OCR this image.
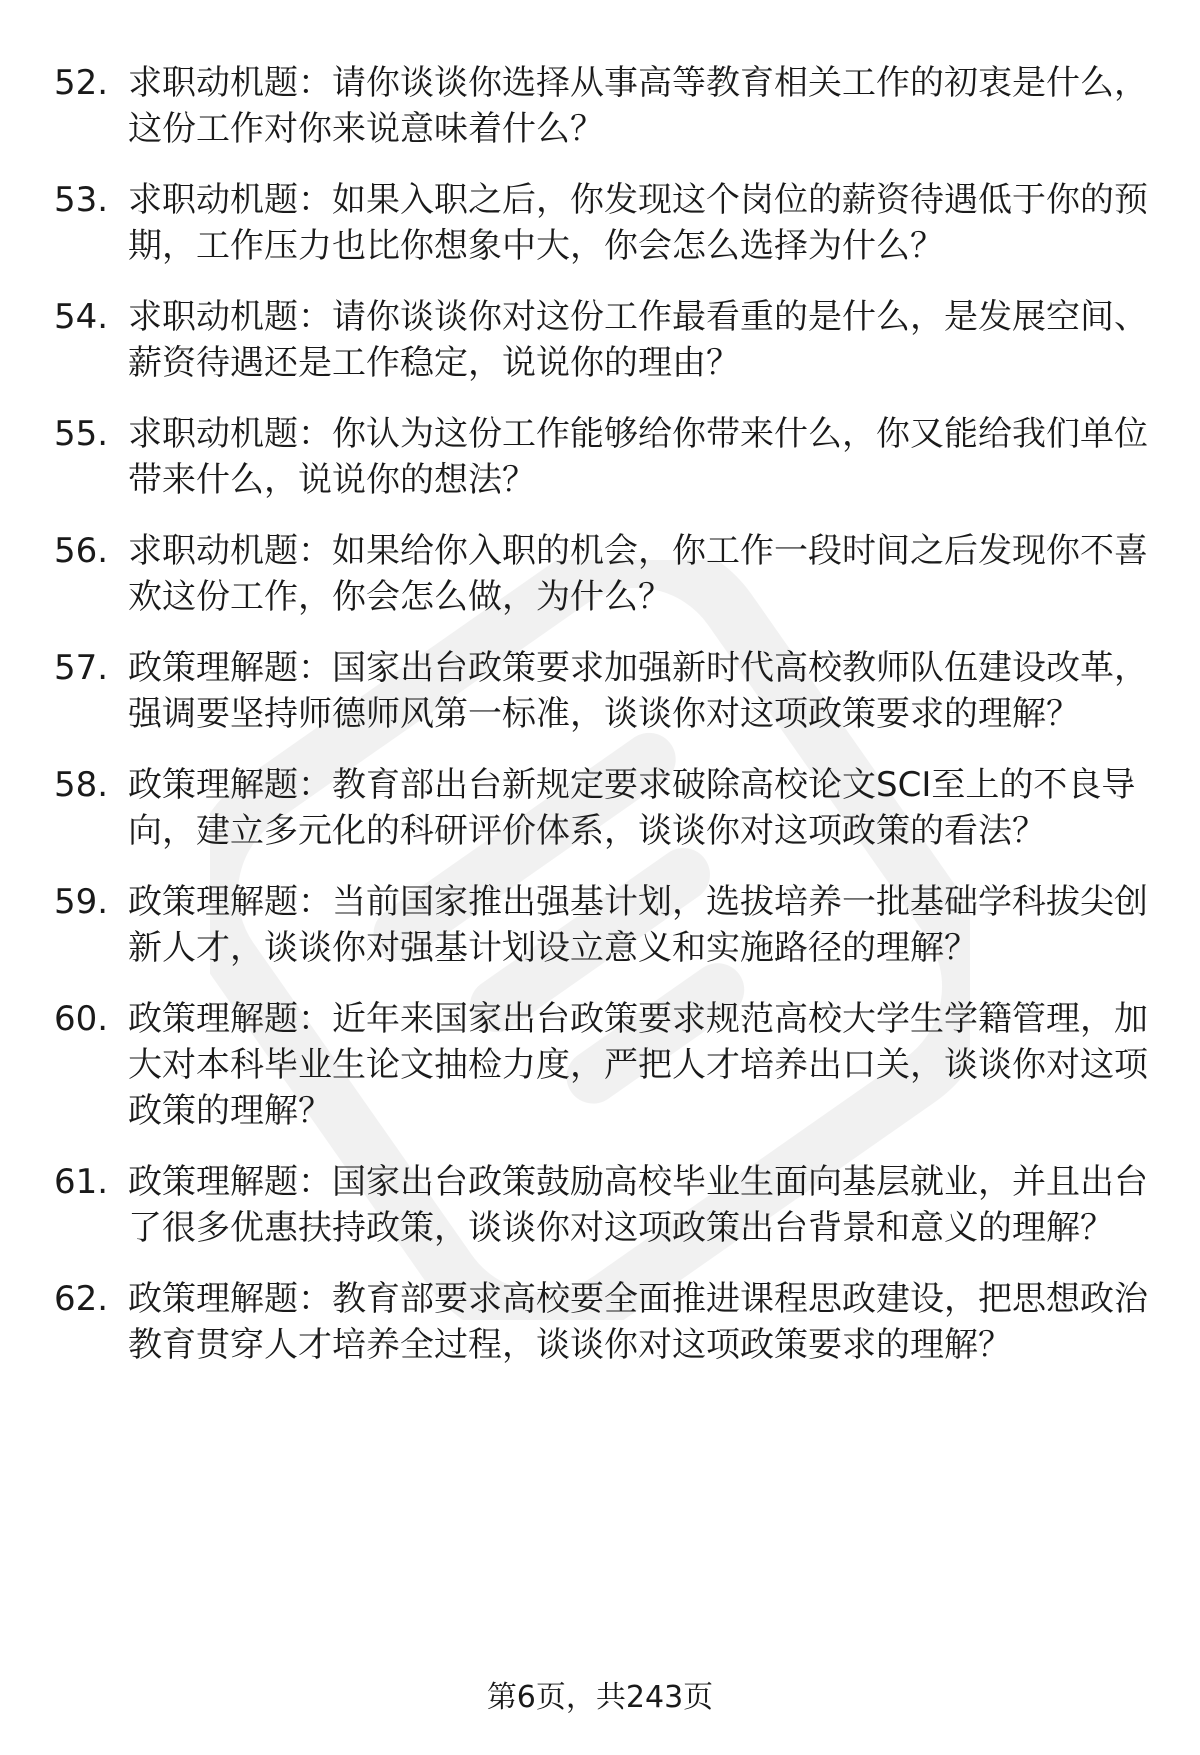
52. 求职动机题：请你谈谈你选择从事高等教育相关工作的初衷是什么，这份工作对你来说意味着什么？
53. 求职动机题：如果入职之后，你发现这个岗位的薪资待遇低于你的预期，工作压力也比你想象中大，你会怎么选择为什么？
54. 求职动机题：请你谈谈你对这份工作最看重的是什么，是发展空间、薪资待遇还是工作稳定，说说你的理由？
55. 求职动机题：你认为这份工作能够给你带来什么，你又能给我们单位带来什么，说说你的想法？
56. 求职动机题：如果给你入职的机会，你工作一段时间之后发现你不喜欢这份工作，你会怎么做，为什么？
57. 政策理解题：国家出台政策要求加强新时代高校教师队伍建设改革，强调要坚持师德师风第一标准，谈谈你对这项政策要求的理解？
58. 政策理解题：教育部出台新规定要求破除高校论文SCI至上的不良导向，建立多元化的科研评价体系，谈谈你对这项政策的看法？
59. 政策理解题：当前国家推出强基计划，选拔培养一批基础学科拔尖创新人才，谈谈你对强基计划设立意义和实施路径的理解？
60. 政策理解题：近年来国家出台政策要求规范高校大学生学籍管理，加大对本科毕业生论文抽检力度，严把人才培养出口关，谈谈你对这项政策的理解？
61. 政策理解题：国家出台政策鼓励高校毕业生面向基层就业，并且出台了很多优惠扶持政策，谈谈你对这项政策出台背景和意义的理解？
62. 政策理解题：教育部要求高校要全面推进课程思政建设，把思想政治教育贯穿人才培养全过程，谈谈你对这项政策要求的理解？
第6页，共243页
